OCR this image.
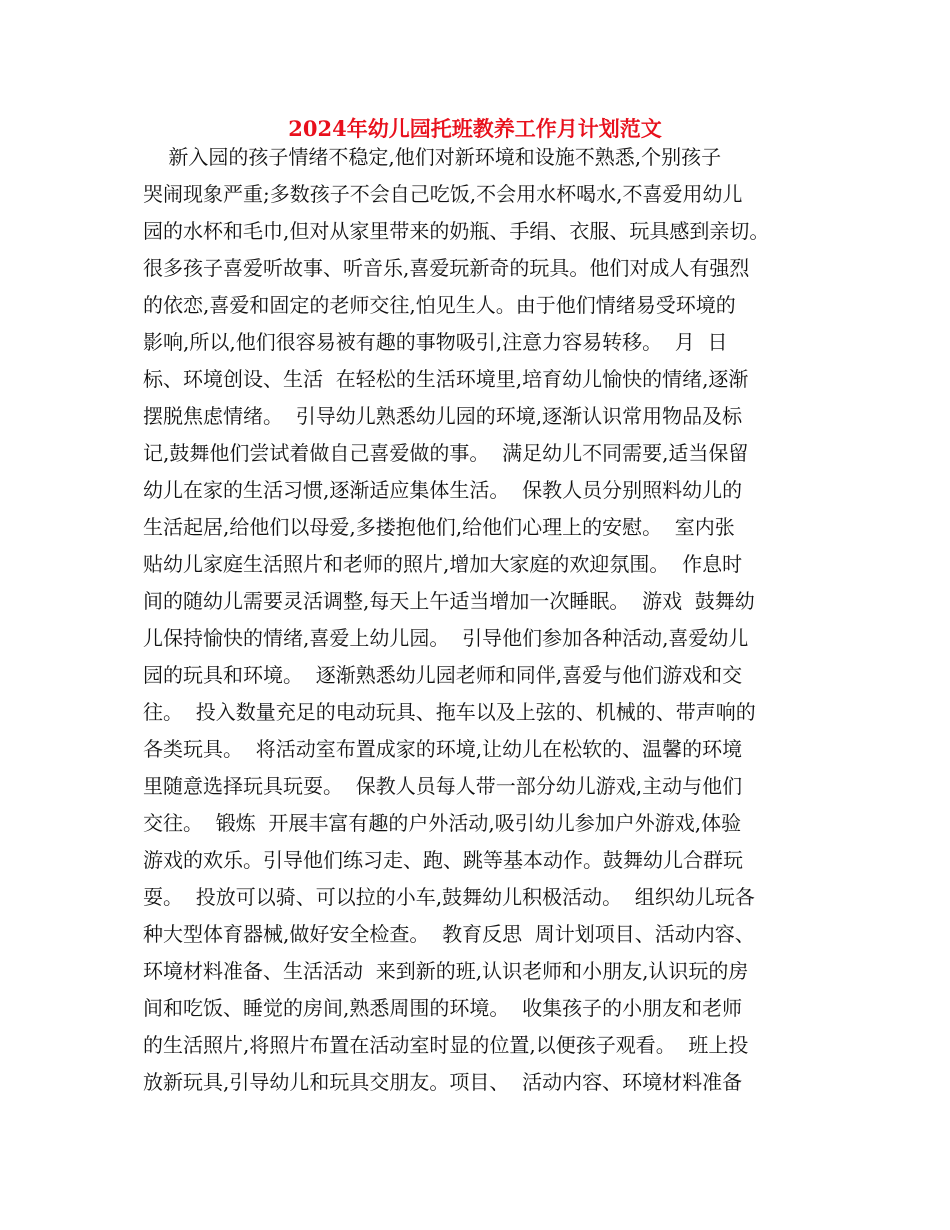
2024年幼儿园托班教养工作月计划范文
新入园的孩子情绪不稳定,他们对新环境和设施不熟悉,个别孩子
哭闹现象严重;多数孩子不会自己吃饭,不会用水杯喝水,不喜爱用幼儿
园的水杯和毛巾,但对从家里带来的奶瓶、手绢、衣服、玩具感到亲切。
很多孩子喜爱听故事、听音乐,喜爱玩新奇的玩具。他们对成人有强烈
的依恋,喜爱和固定的老师交往,怕见生人。由于他们情绪易受环境的
影响,所以,他们很容易被有趣的事物吸引,注意力容易转移。  月  日
标、环境创设、生活  在轻松的生活环境里,培育幼儿愉快的情绪,逐渐
摆脱焦虑情绪。  引导幼儿熟悉幼儿园的环境,逐渐认识常用物品及标
记,鼓舞他们尝试着做自己喜爱做的事。  满足幼儿不同需要,适当保留
幼儿在家的生活习惯,逐渐适应集体生活。  保教人员分别照料幼儿的
生活起居,给他们以母爱,多搂抱他们,给他们心理上的安慰。  室内张
贴幼儿家庭生活照片和老师的照片,增加大家庭的欢迎氛围。  作息时
间的随幼儿需要灵活调整,每天上午适当增加一次睡眠。  游戏  鼓舞幼
儿保持愉快的情绪,喜爱上幼儿园。  引导他们参加各种活动,喜爱幼儿
园的玩具和环境。  逐渐熟悉幼儿园老师和同伴,喜爱与他们游戏和交
往。  投入数量充足的电动玩具、拖车以及上弦的、机械的、带声响的
各类玩具。  将活动室布置成家的环境,让幼儿在松软的、温馨的环境
里随意选择玩具玩耍。  保教人员每人带一部分幼儿游戏,主动与他们
交往。  锻炼  开展丰富有趣的户外活动,吸引幼儿参加户外游戏,体验
游戏的欢乐。引导他们练习走、跑、跳等基本动作。鼓舞幼儿合群玩
耍。  投放可以骑、可以拉的小车,鼓舞幼儿积极活动。  组织幼儿玩各
种大型体育器械,做好安全检查。  教育反思  周计划项目、活动内容、
环境材料准备、生活活动  来到新的班,认识老师和小朋友,认识玩的房
间和吃饭、睡觉的房间,熟悉周围的环境。  收集孩子的小朋友和老师
的生活照片,将照片布置在活动室时显的位置,以便孩子观看。  班上投
放新玩具,引导幼儿和玩具交朋友。项目、  活动内容、环境材料准备
